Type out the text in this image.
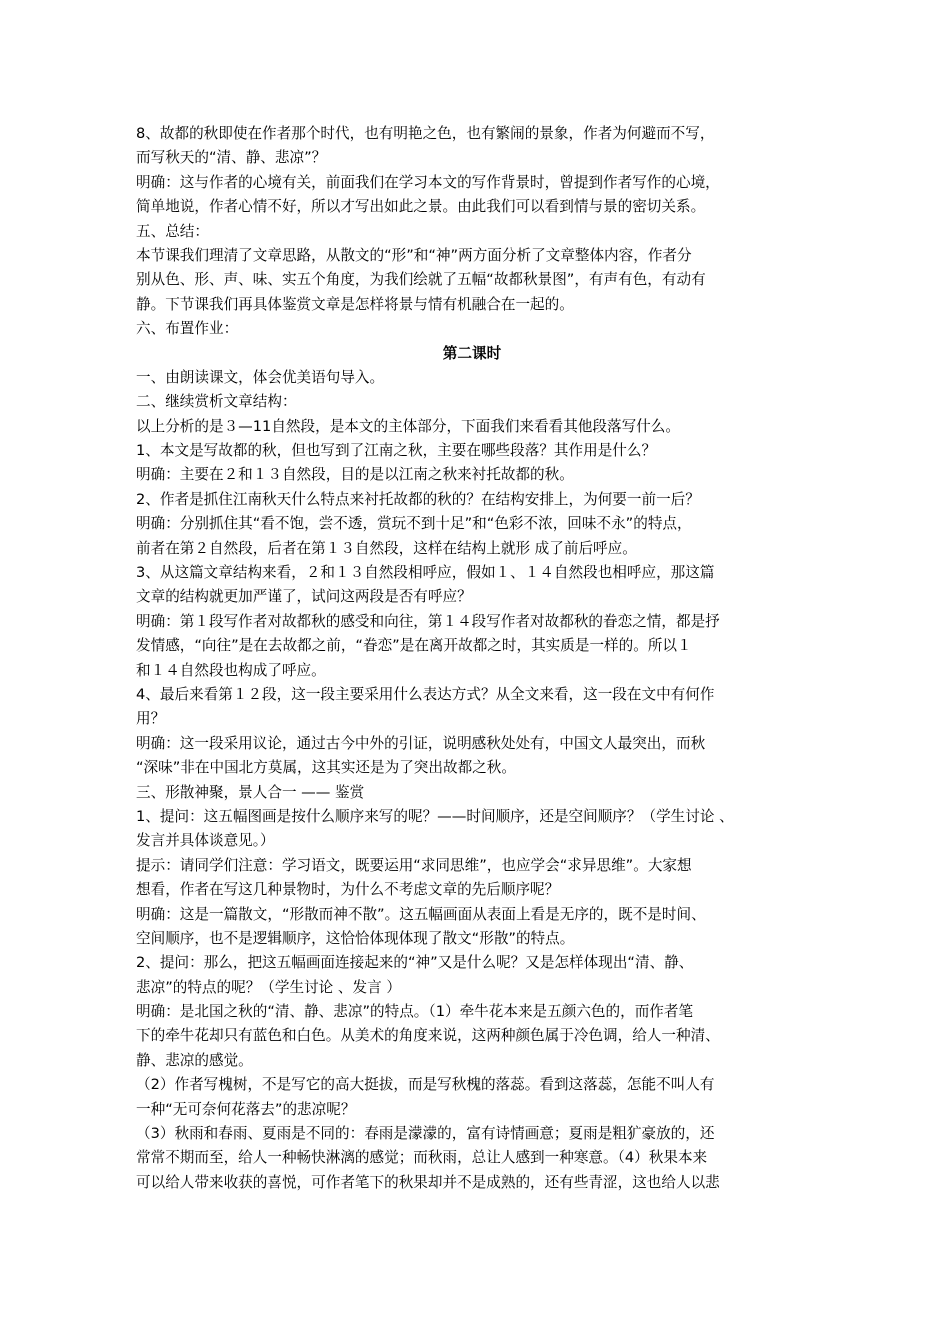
8、故都的秋即使在作者那个时代，也有明艳之色，也有繁闹的景象，作者为何避而不写，
而写秋天的“清、静、悲凉”？
明确：这与作者的心境有关，前面我们在学习本文的写作背景时，曾提到作者写作的心境，
简单地说，作者心情不好，所以才写出如此之景。由此我们可以看到情与景的密切关系。
五、总结：
本节课我们理清了文章思路，从散文的“形”和“神”两方面分析了文章整体内容，作者分
别从色、形、声、味、实五个角度，为我们绘就了五幅“故都秋景图”，有声有色，有动有
静。下节课我们再具体鉴赏文章是怎样将景与情有机融合在一起的。
六、布置作业：
第二课时
一、由朗读课文，体会优美语句导入。
二、继续赏析文章结构：
以上分析的是３—11自然段，是本文的主体部分，下面我们来看看其他段落写什么。
1、本文是写故都的秋，但也写到了江南之秋，主要在哪些段落？其作用是什么？
明确：主要在２和１３自然段，目的是以江南之秋来衬托故都的秋。
2、作者是抓住江南秋天什么特点来衬托故都的秋的？在结构安排上，为何要一前一后？
明确：分别抓住其“看不饱，尝不透，赏玩不到十足”和“色彩不浓，回味不永”的特点，
前者在第２自然段，后者在第１３自然段，这样在结构上就形 成了前后呼应。
3、从这篇文章结构来看，２和１３自然段相呼应，假如１、１４自然段也相呼应，那这篇
文章的结构就更加严谨了，试问这两段是否有呼应？
明确：第１段写作者对故都秋的感受和向往，第１４段写作者对故都秋的眷恋之情，都是抒
发情感，“向往”是在去故都之前，“眷恋”是在离开故都之时，其实质是一样的。所以１
和１４自然段也构成了呼应。
4、最后来看第１２段，这一段主要采用什么表达方式？从全文来看，这一段在文中有何作
用？
明确：这一段采用议论，通过古今中外的引证，说明感秋处处有，中国文人最突出，而秋
“深味”非在中国北方莫属，这其实还是为了突出故都之秋。
三、形散神聚，景人合一 —— 鉴赏
1、提问：这五幅图画是按什么顺序来写的呢？——时间顺序，还是空间顺序？（学生讨论 、
发言并具体谈意见。）
提示：请同学们注意：学习语文，既要运用“求同思维”，也应学会“求异思维”。大家想
想看，作者在写这几种景物时，为什么不考虑文章的先后顺序呢？
明确：这是一篇散文，“形散而神不散”。这五幅画面从表面上看是无序的，既不是时间、
空间顺序，也不是逻辑顺序，这恰恰体现体现了散文“形散”的特点。
2、提问：那么，把这五幅画面连接起来的“神”又是什么呢？又是怎样体现出“清、静、
悲凉”的特点的呢？（学生讨论 、发言 ）
明确：是北国之秋的“清、静、悲凉”的特点。（1）牵牛花本来是五颜六色的，而作者笔
下的牵牛花却只有蓝色和白色。从美术的角度来说，这两种颜色属于冷色调，给人一种清、
静、悲凉的感觉。
（2）作者写槐树，不是写它的高大挺拔，而是写秋槐的落蕊。看到这落蕊，怎能不叫人有
一种“无可奈何花落去”的悲凉呢？
（3）秋雨和春雨、夏雨是不同的：春雨是濛濛的，富有诗情画意；夏雨是粗犷豪放的，还
常常不期而至，给人一种畅快淋漓的感觉；而秋雨，总让人感到一种寒意。（4）秋果本来
可以给人带来收获的喜悦，可作者笔下的秋果却并不是成熟的，还有些青涩，这也给人以悲
